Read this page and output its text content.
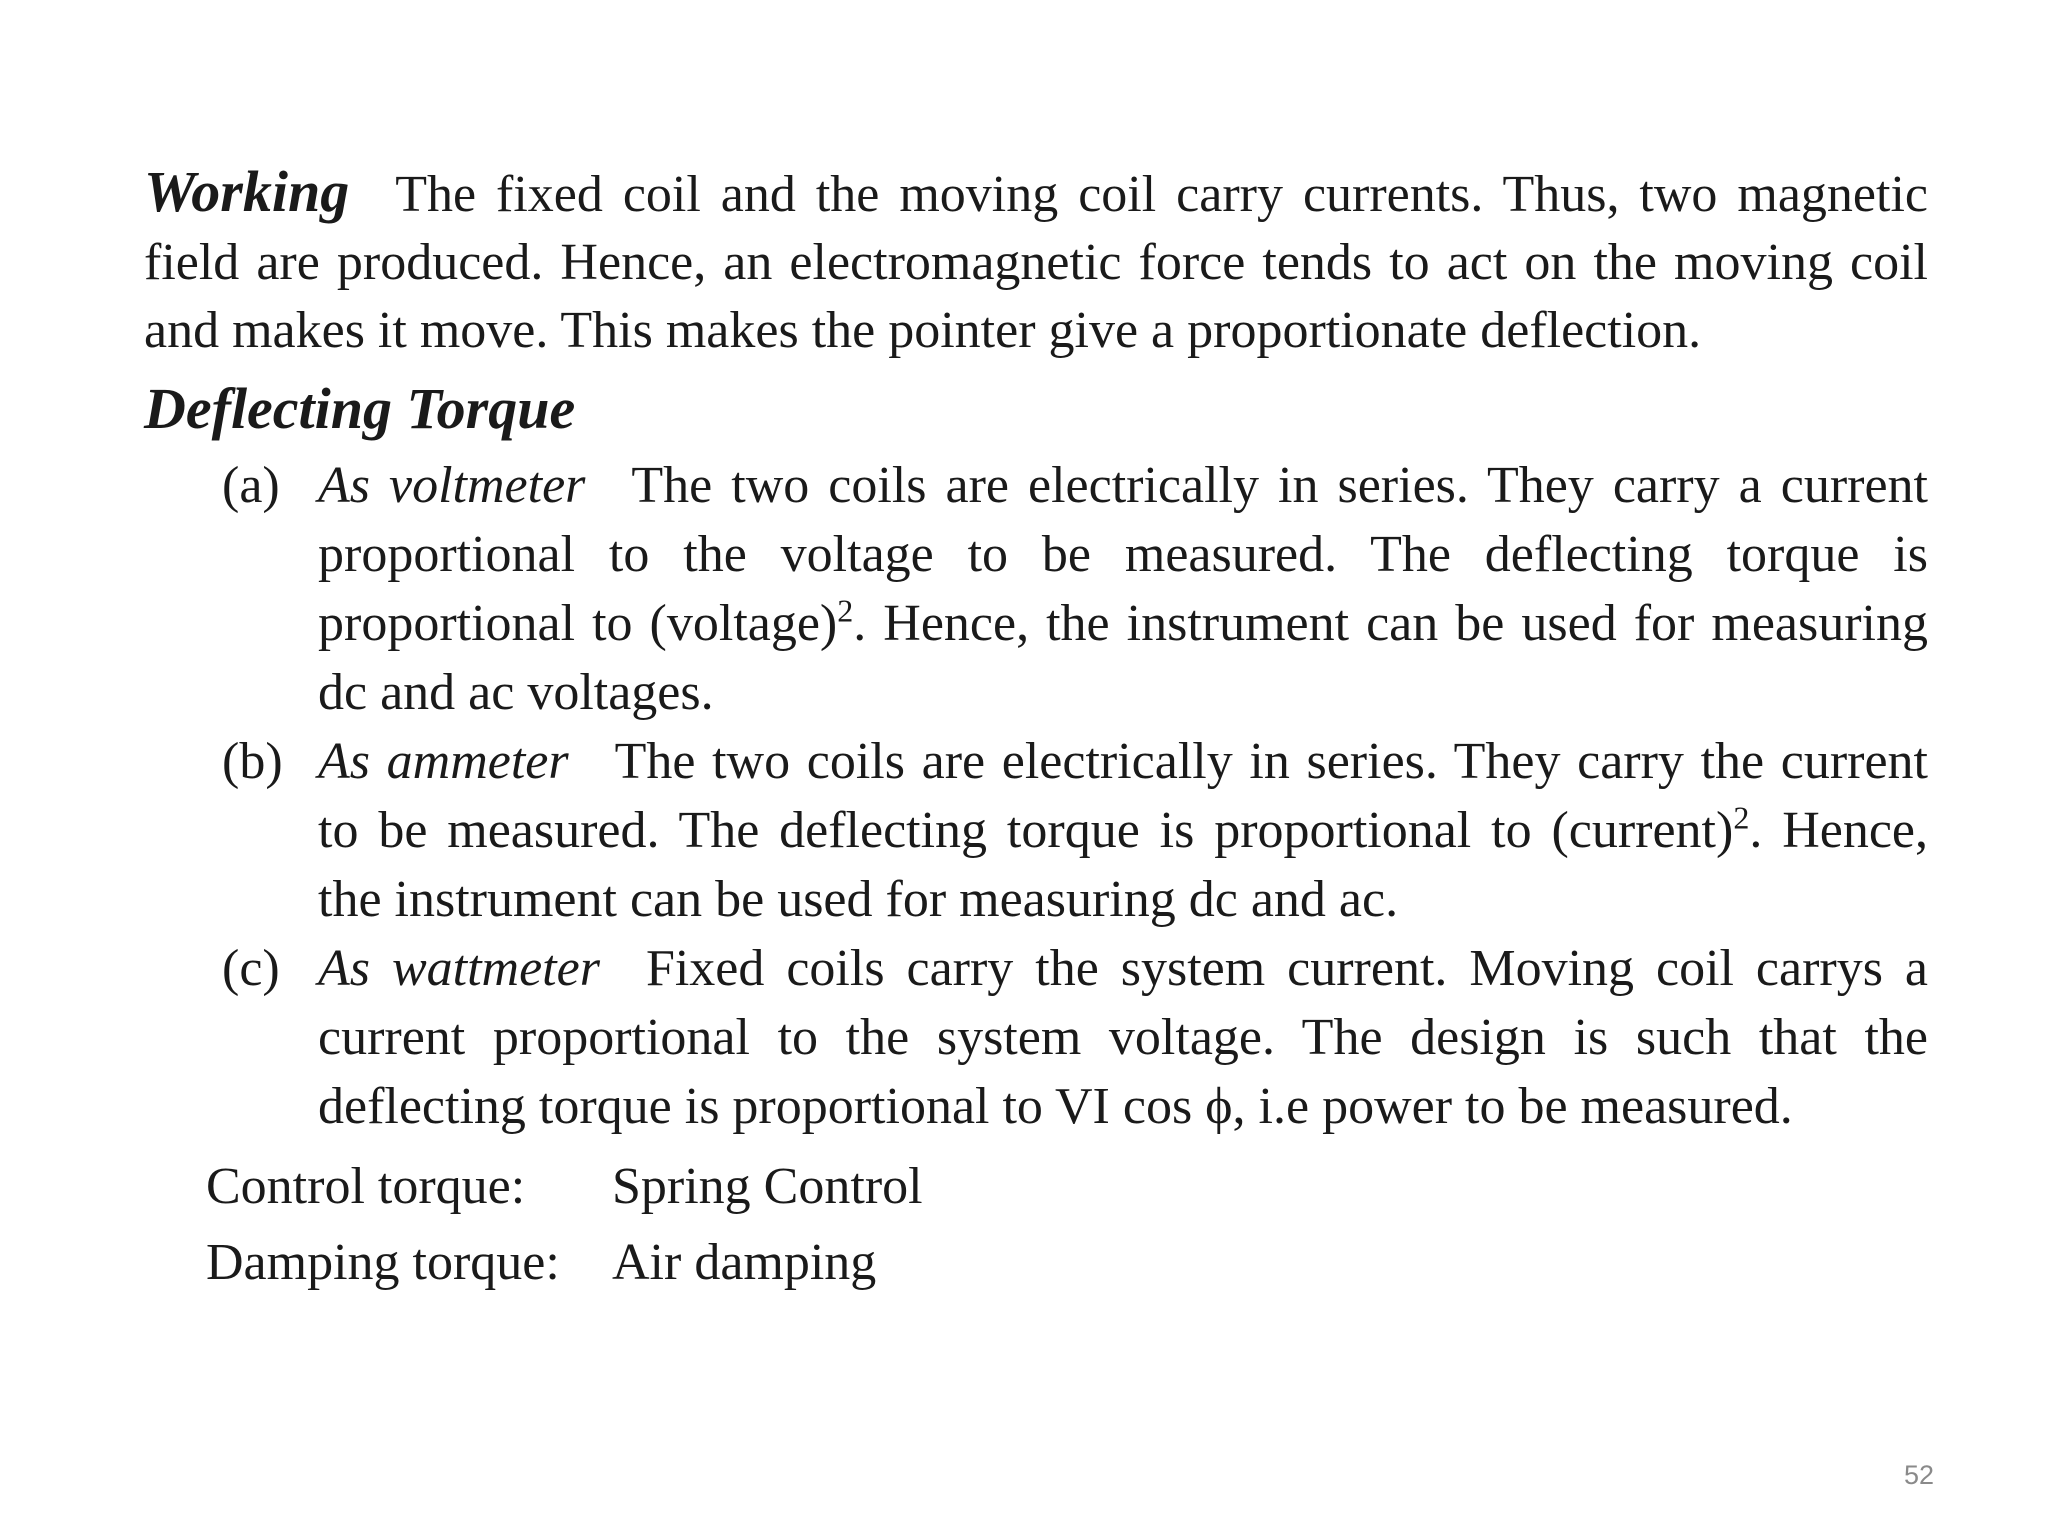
Working The fixed coil and the moving coil carry currents. Thus, two magnetic field are produced. Hence, an electromagnetic force tends to act on the moving coil and makes it move. This makes the pointer give a proportionate deflection.

Deflecting Torque
(a) As voltmeter The two coils are electrically in series. They carry a current proportional to the voltage to be measured. The deflecting torque is proportional to (voltage)$^2$. Hence, the instrument can be used for measuring dc and ac voltages.
(b) As ammeter The two coils are electrically in series. They carry the current to be measured. The deflecting torque is proportional to (current)$^2$. Hence, the instrument can be used for measuring dc and ac.
(c) As wattmeter Fixed coils carry the system current. Moving coil carrys a current proportional to the system voltage. The design is such that the deflecting torque is proportional to VI cos ϕ, i.e power to be measured.
Control torque:	Spring Control
Damping torque:	Air damping
52
